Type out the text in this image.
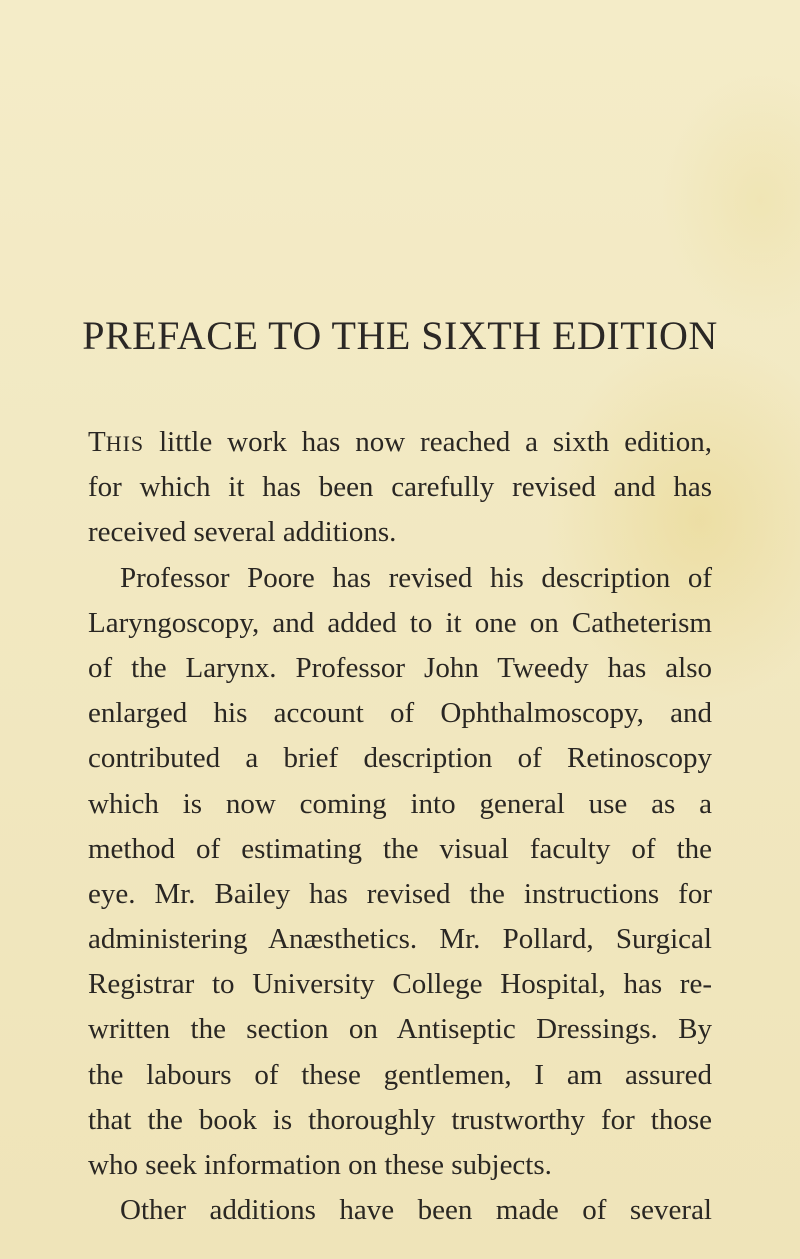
PREFACE TO THE SIXTH EDITION
THIS little work has now reached a sixth edition,
for which it has been carefully revised and has
received several additions.
Professor Poore has revised his description of
Laryngoscopy, and added to it one on Catheterism
of the Larynx. Professor John Tweedy has also
enlarged his account of Ophthalmoscopy, and
contributed a brief description of Retinoscopy
which is now coming into general use as a
method of estimating the visual faculty of the
eye. Mr. Bailey has revised the instructions for
administering Anæsthetics. Mr. Pollard, Surgical
Registrar to University College Hospital, has re-
written the section on Antiseptic Dressings. By
the labours of these gentlemen, I am assured
that the book is thoroughly trustworthy for those
who seek information on these subjects.
Other additions have been made of several
